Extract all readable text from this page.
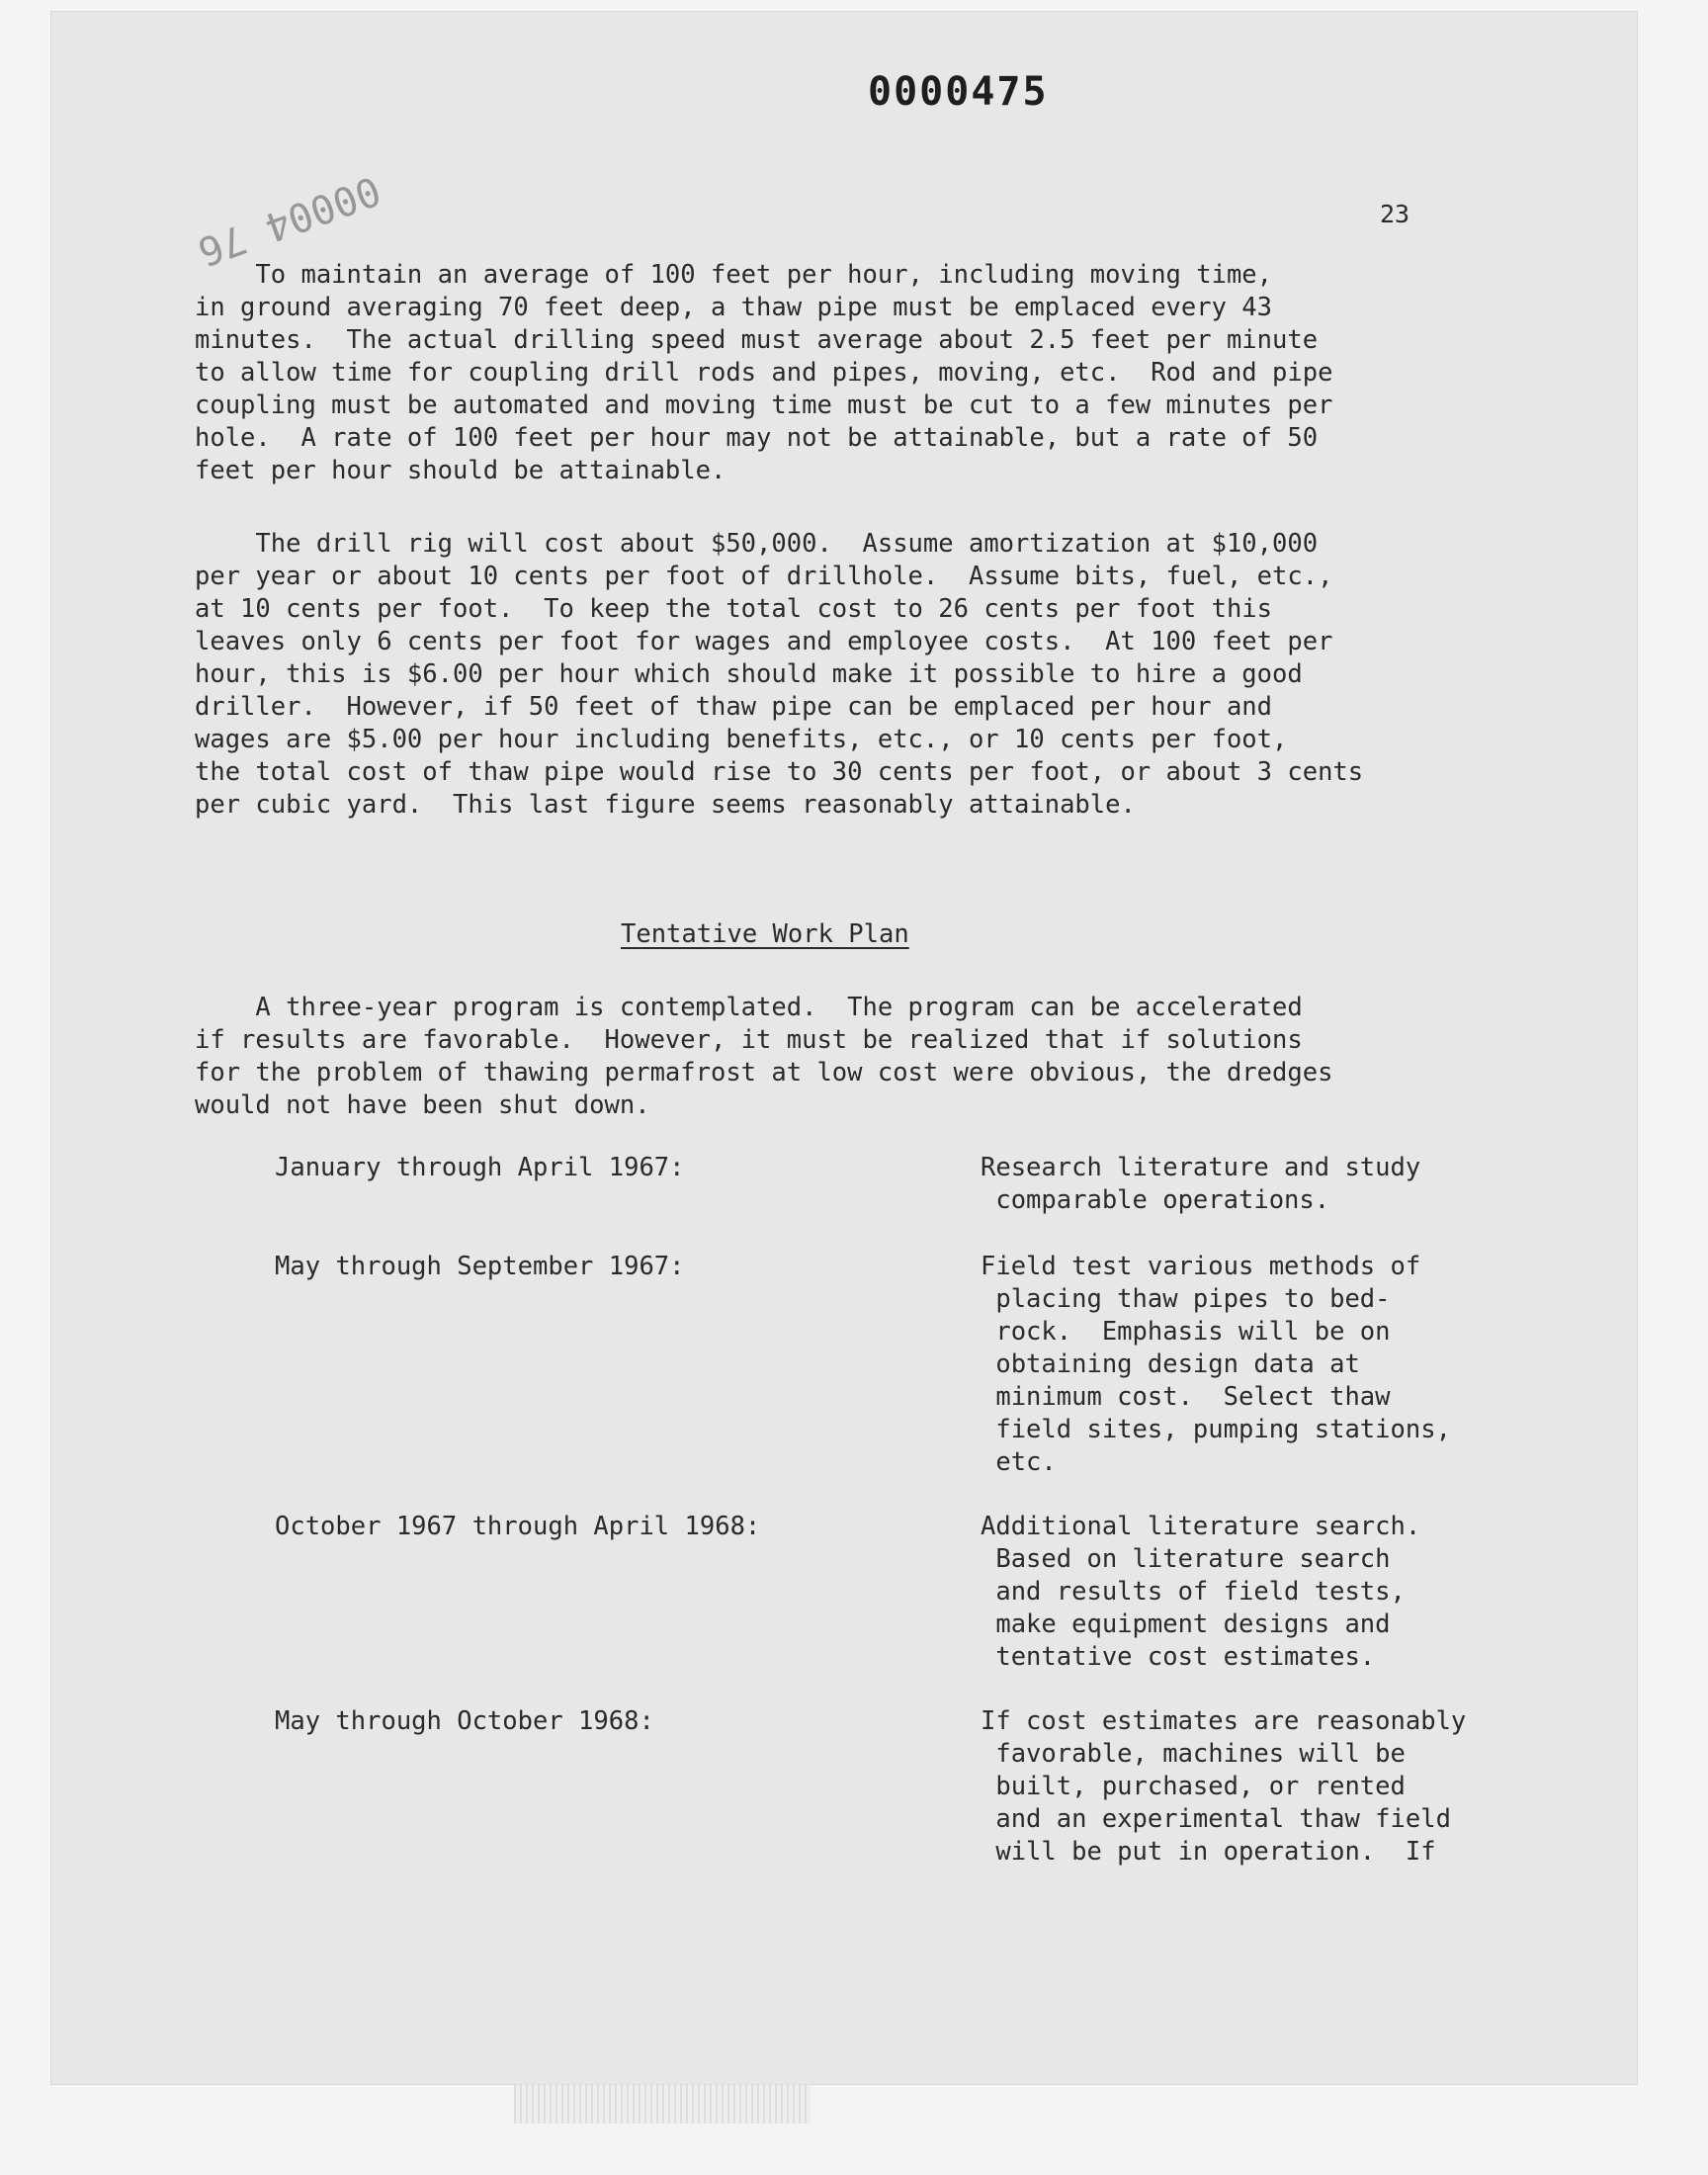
0000475
00004 76	23

To maintain an average of 100 feet per hour, including moving time,
in ground averaging 70 feet deep, a thaw pipe must be emplaced every 43
minutes.  The actual drilling speed must average about 2.5 feet per minute
to allow time for coupling drill rods and pipes, moving, etc.  Rod and pipe
coupling must be automated and moving time must be cut to a few minutes per
hole.  A rate of 100 feet per hour may not be attainable, but a rate of 50
feet per hour should be attainable.

The drill rig will cost about $50,000.  Assume amortization at $10,000
per year or about 10 cents per foot of drillhole.  Assume bits, fuel, etc.,
at 10 cents per foot.  To keep the total cost to 26 cents per foot this
leaves only 6 cents per foot for wages and employee costs.  At 100 feet per
hour, this is $6.00 per hour which should make it possible to hire a good
driller.  However, if 50 feet of thaw pipe can be emplaced per hour and
wages are $5.00 per hour including benefits, etc., or 10 cents per foot,
the total cost of thaw pipe would rise to 30 cents per foot, or about 3 cents
per cubic yard.  This last figure seems reasonably attainable.

Tentative Work Plan

A three-year program is contemplated.  The program can be accelerated
if results are favorable.  However, it must be realized that if solutions
for the problem of thawing permafrost at low cost were obvious, the dredges
would not have been shut down.

January through April 1967:	Research literature and study
comparable operations.

May through September 1967:	Field test various methods of
placing thaw pipes to bed-
rock.  Emphasis will be on
obtaining design data at
minimum cost.  Select thaw
field sites, pumping stations,
etc.

October 1967 through April 1968:	Additional literature search.
Based on literature search
and results of field tests,
make equipment designs and
tentative cost estimates.

May through October 1968:	If cost estimates are reasonably
favorable, machines will be
built, purchased, or rented
and an experimental thaw field
will be put in operation.  If
